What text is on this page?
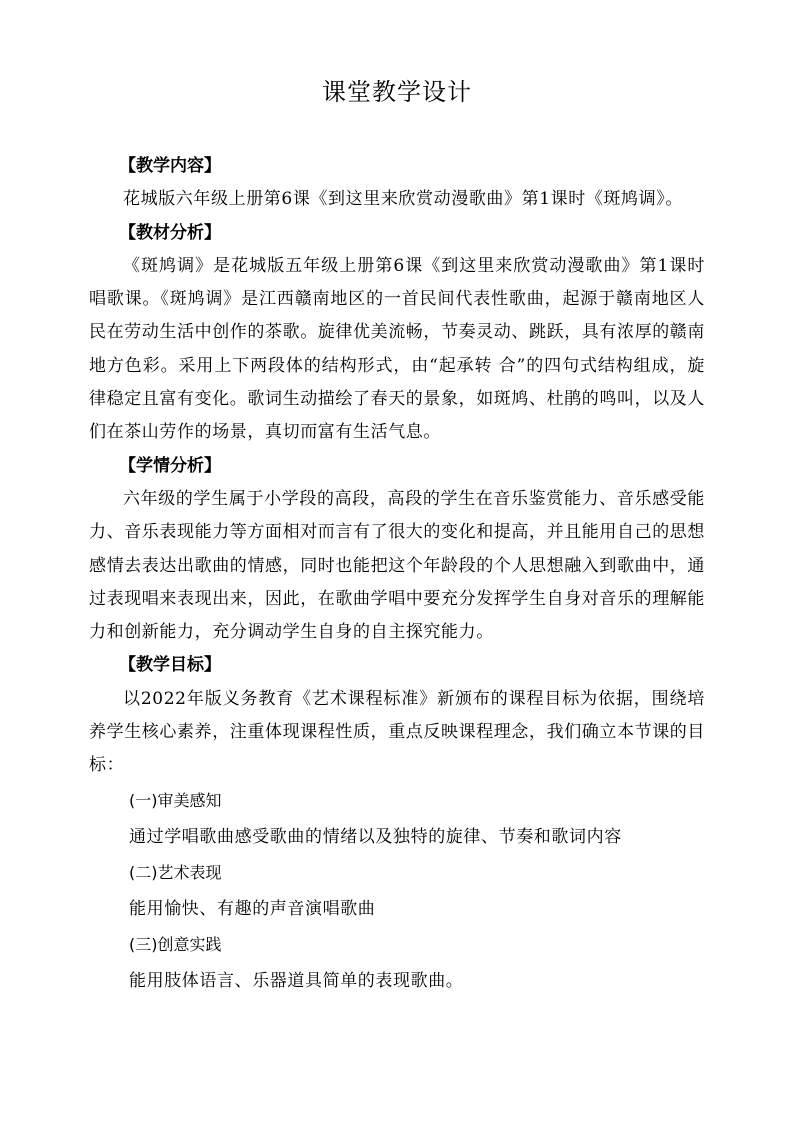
课堂教学设计
【教学内容】

花城版六年级上册第6课《到这里来欣赏动漫歌曲》第1课时《斑鸠调》。

【教材分析】

《斑鸠调》是花城版五年级上册第6课《到这里来欣赏动漫歌曲》第1课时唱歌课。《斑鸠调》是江西赣南地区的一首民间代表性歌曲，起源于赣南地区人民在劳动生活中创作的茶歌。旋律优美流畅，节奏灵动、跳跃，具有浓厚的赣南地方色彩。采用上下两段体的结构形式，由“起承转 合”的四句式结构组成，旋律稳定且富有变化。歌词生动描绘了春天的景象，如斑鸠、杜鹃的鸣叫，以及人们在茶山劳作的场景，真切而富有生活气息。

【学情分析】

六年级的学生属于小学段的高段，高段的学生在音乐鉴赏能力、音乐感受能力、音乐表现能力等方面相对而言有了很大的变化和提高，并且能用自己的思想感情去表达出歌曲的情感，同时也能把这个年龄段的个人思想融入到歌曲中，通过表现唱来表现出来，因此，在歌曲学唱中要充分发挥学生自身对音乐的理解能力和创新能力，充分调动学生自身的自主探究能力。

【教学目标】

以2022年版义务教育《艺术课程标准》新颁布的课程目标为依据，围绕培养学生核心素养，注重体现课程性质，重点反映课程理念，我们确立本节课的目标：

(一)审美感知
通过学唱歌曲感受歌曲的情绪以及独特的旋律、节奏和歌词内容
(二)艺术表现
能用愉快、有趣的声音演唱歌曲
(三)创意实践
能用肢体语言、乐器道具简单的表现歌曲。
